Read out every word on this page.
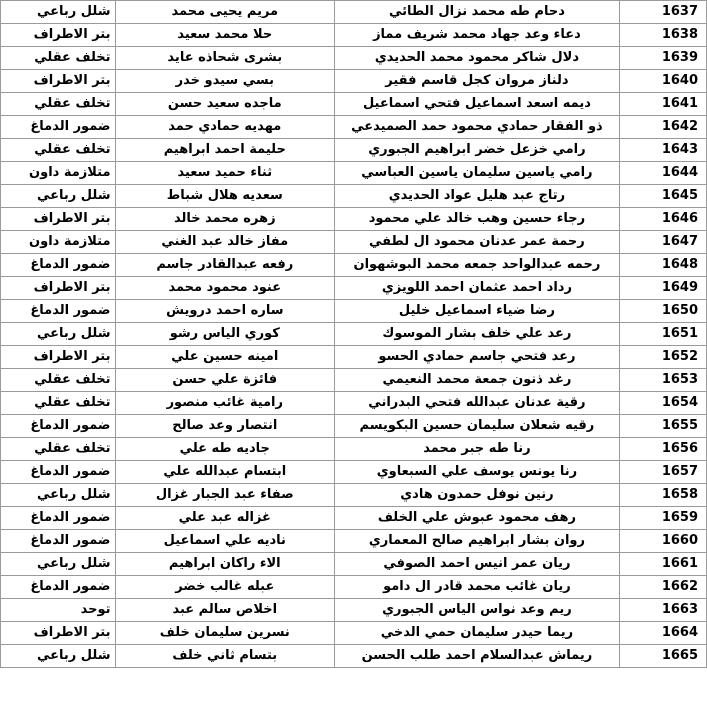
شلل رباعي	مريم يحيى محمد	دحام طه محمد نزال الطائي	1637
بتر الاطراف	حلا محمد سعيد	دعاء وعد جهاد محمد شريف مماز	1638
تخلف عقلي	بشرى شحاذه عايد	دلال شاكر محمود محمد الحديدي	1639
بتر الاطراف	بسي سيدو خدر	دلناز مروان كجل قاسم فقير	1640
تخلف عقلي	ماجده سعيد حسن	ديمه اسعد اسماعيل فتحي اسماعيل	1641
ضمور الدماغ	مهديه حمادي حمد	ذو الفقار حمادي محمود حمد الصميدعي	1642
تخلف عقلي	حليمة احمد ابراهيم	رامي خزعل خضر ابراهيم الجبوري	1643
متلازمة داون	ثناء حميد سعيد	رامي ياسين سليمان ياسين العباسي	1644
شلل رباعي	سعديه هلال شباط	رتاج عبد هليل عواد الحديدي	1645
بتر الاطراف	زهره محمد خالد	رجاء حسين وهب خالد علي محمود	1646
متلازمة داون	مفاز خالد عبد الغني	رحمة عمر عدنان محمود ال لطفي	1647
ضمور الدماغ	رفعه عبدالقادر جاسم	رحمه عبدالواحد جمعه محمد البوشهوان	1648
بتر الاطراف	عنود محمود محمد	رداد احمد عثمان احمد اللويزي	1649
ضمور الدماغ	ساره احمد درويش	رضا ضياء اسماعيل خليل	1650
شلل رباعي	كوري الياس رشو	رعد علي خلف بشار الموسوك	1651
بتر الاطراف	امينه حسين علي	رعد فتحي جاسم حمادي الحسو	1652
تخلف عقلي	فائزة علي حسن	رغد ذنون جمعة محمد النعيمي	1653
تخلف عقلي	رامية غائب منصور	رقية عدنان عبدالله فتحي البدراني	1654
ضمور الدماغ	انتصار وعد صالح	رقيه شعلان سليمان حسين البكويسم	1655
تخلف عقلي	جاديه طه علي	رنا طه جبر محمد	1656
ضمور الدماغ	ابتسام عبدالله علي	رنا يونس يوسف علي السبعاوي	1657
شلل رباعي	صفاء عبد الجبار غزال	رنين نوفل حمدون هادي	1658
ضمور الدماغ	غزاله عبد علي	رهف محمود عبوش علي الخلف	1659
ضمور الدماغ	ناديه علي اسماعيل	روان بشار ابراهيم صالح المعماري	1660
شلل رباعي	الاء راكان ابراهيم	ريان عمر انيس احمد الصوفي	1661
ضمور الدماغ	عبله غالب خضر	ريان غائب محمد قادر ال دامو	1662
توحد	اخلاص سالم عبد	ريم وعد نواس الياس الجبوري	1663
بتر الاطراف	نسرين سليمان خلف	ريما حيدر سليمان حمي الدخي	1664
شلل رباعي	بتسام ثاني خلف	ريماش عبدالسلام احمد طلب الحسن	1665
